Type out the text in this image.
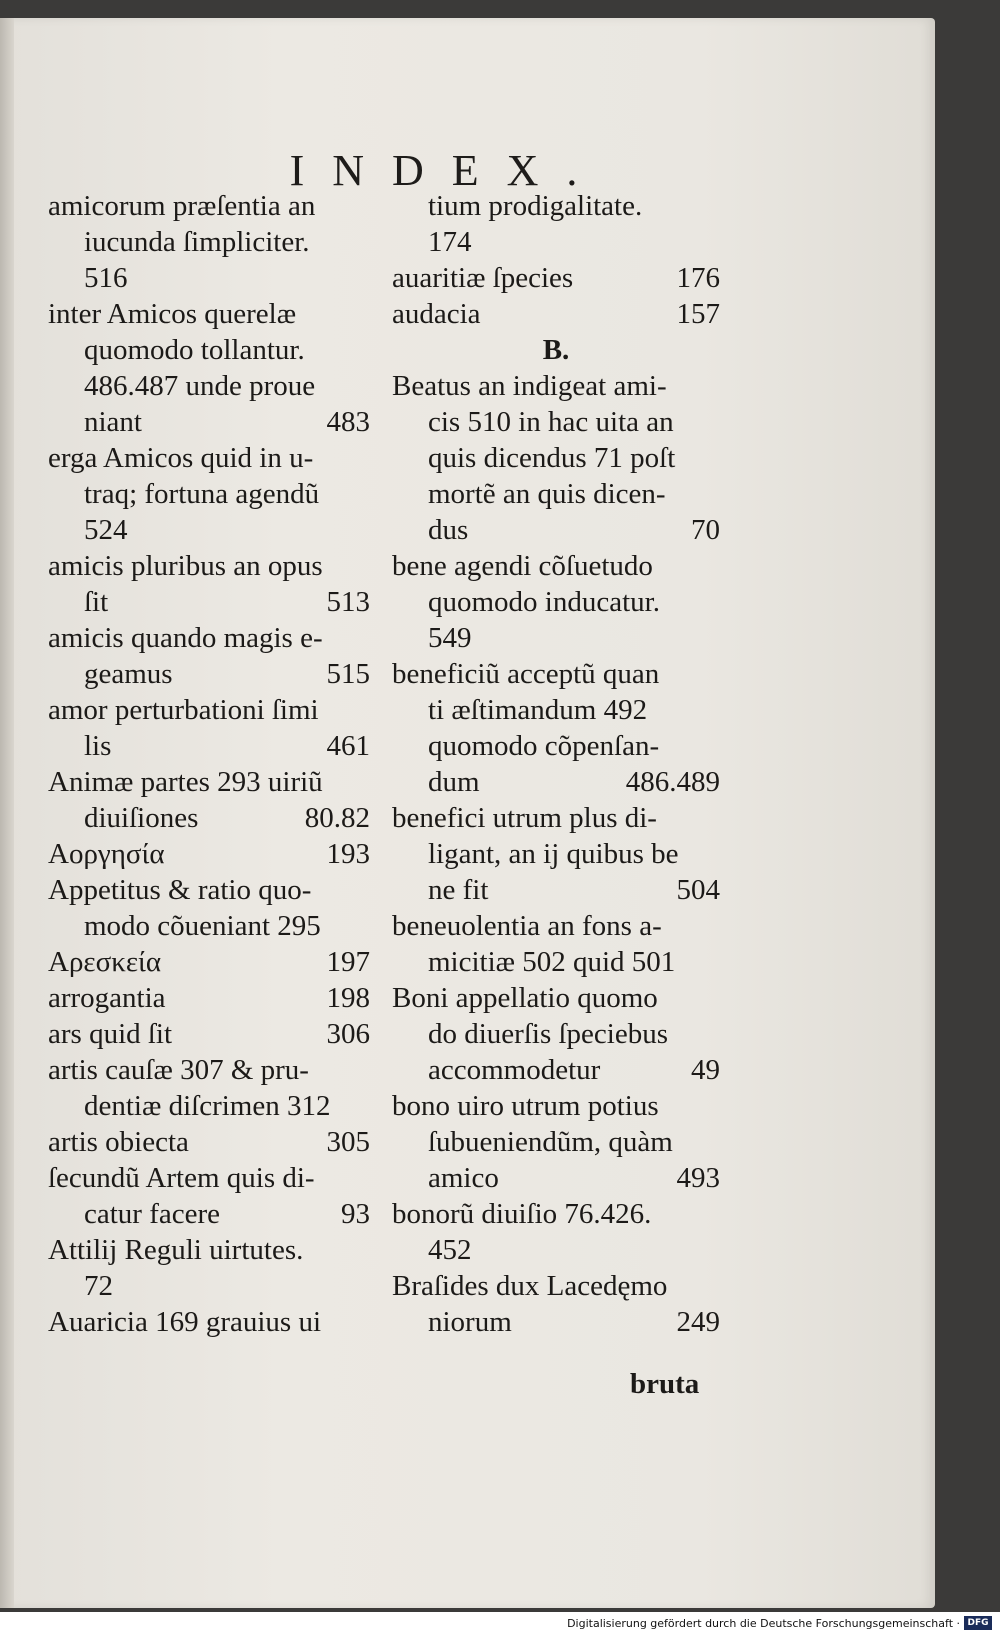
INDEX.
amicorum præſentia an
iucunda ſimpliciter.
516
inter Amicos querelæ
quomodo tollantur.
486.487 unde proue
niant	483
erga Amicos quid in u-
traq; fortuna agendũ
524
amicis pluribus an opus
ſit	513
amicis quando magis e-
geamus	515
amor perturbationi ſimi
lis	461
Animæ partes 293 uiriũ
diuiſiones	80.82
Αοργησία	193
Appetitus & ratio quo-
modo cõueniant 295
Αρεσκεία	197
arrogantia	198
ars quid ſit	306
artis cauſæ 307 & pru-
dentiæ diſcrimen 312
artis obiecta	305
ſecundũ Artem quis di-
catur facere	93
Attilij Reguli uirtutes.
72
Auaricia 169 grauius ui
tium prodigalitate.
174
auaritiæ ſpecies	176
audacia	157
B.
Beatus an indigeat ami-
cis 510 in hac uita an
quis dicendus 71 poſt
mortẽ an quis dicen-
dus	70
bene agendi cõſuetudo
quomodo inducatur.
549
beneficiũ acceptũ quan
ti æſtimandum 492
quomodo cõpenſan-
dum	486.489
benefici utrum plus di-
ligant, an ij quibus be
ne fit	504
beneuolentia an fons a-
micitiæ 502 quid 501
Boni appellatio quomo
do diuerſis ſpeciebus
accommodetur	49
bono uiro utrum potius
ſubueniendũm, quàm
amico	493
bonorũ diuiſio 76.426.
452
Braſides dux Lacedęmo
niorum	249
bruta
Digitalisierung gefördert durch die Deutsche Forschungsgemeinschaft · DFG
